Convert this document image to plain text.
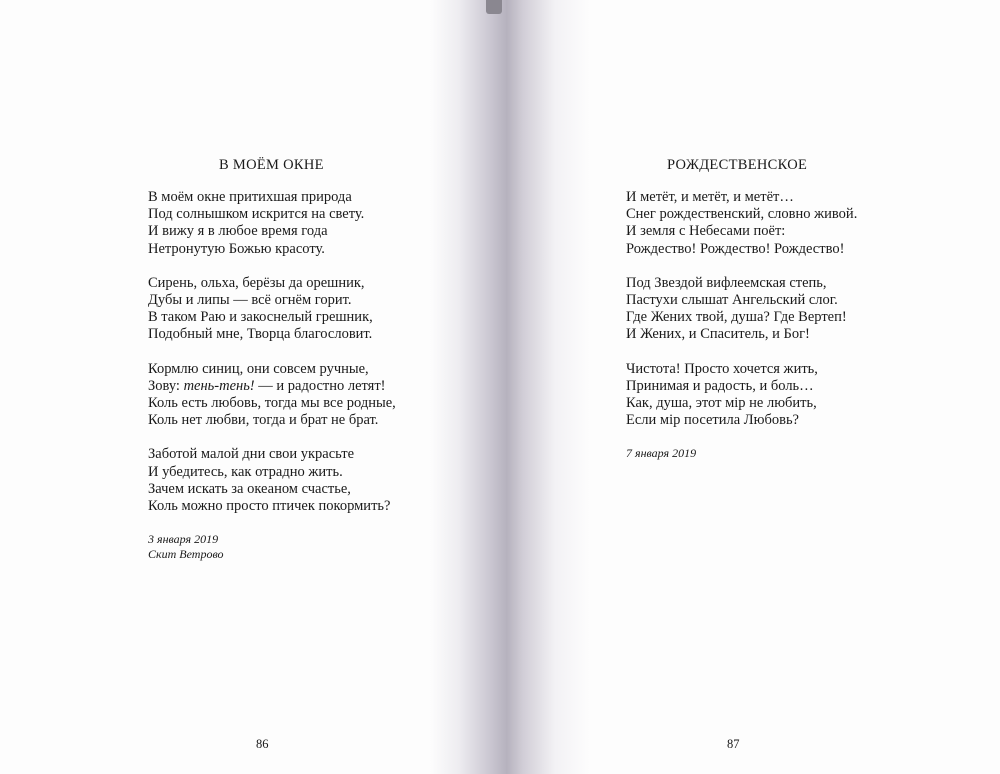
В МОЁМ ОКНЕ
В моём окне притихшая природа
Под солнышком искрится на свету.
И вижу я в любое время года
Нетронутую Божью красоту.
Сирень, ольха, берёзы да орешник,
Дубы и липы — всё огнём горит.
В таком Раю и закоснелый грешник,
Подобный мне, Творца благословит.
Кормлю синиц, они совсем ручные,
Зову: тень-тень! — и радостно летят!
Коль есть любовь, тогда мы все родные,
Коль нет любви, тогда и брат не брат.
Заботой малой дни свои украсьте
И убедитесь, как отрадно жить.
Зачем искать за океаном счастье,
Коль можно просто птичек покормить?
3 января 2019
Скит Ветрово
86
РОЖДЕСТВЕНСКОЕ
И метёт, и метёт, и метёт…
Снег рождественский, словно живой.
И земля с Небесами поёт:
Рождество! Рождество! Рождество!
Под Звездой вифлеемская степь,
Пастухи слышат Ангельский слог.
Где Жених твой, душа? Где Вертеп!
И Жених, и Спаситель, и Бог!
Чистота! Просто хочется жить,
Принимая и радость, и боль…
Как, душа, этот міp не любить,
Если міp посетила Любовь?
7 января 2019
87
